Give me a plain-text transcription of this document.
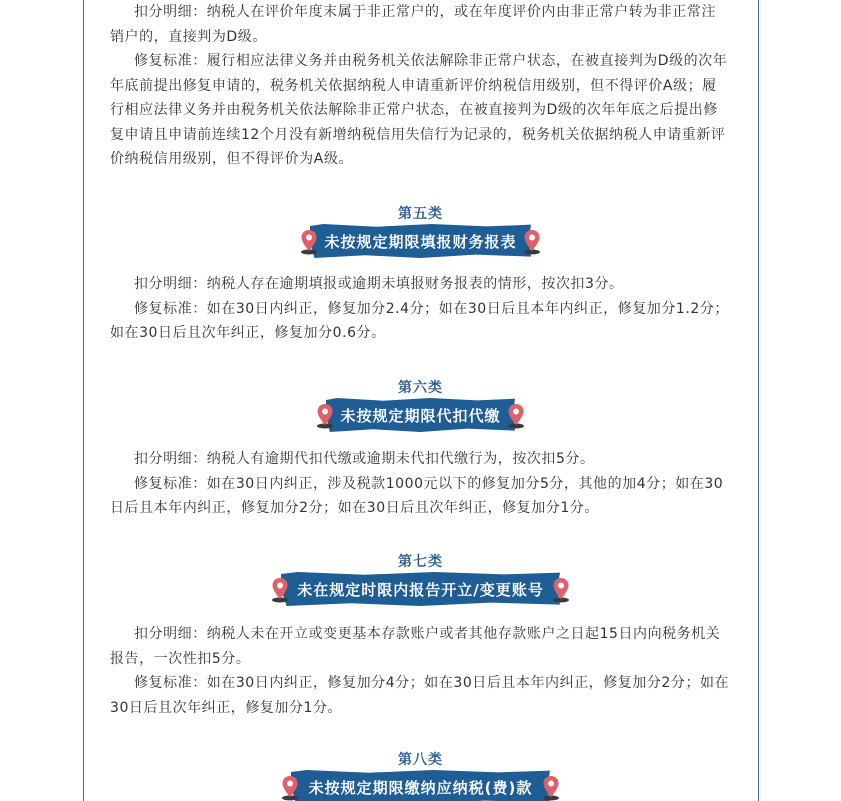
扣分明细：纳税人在评价年度末属于非正常户的，或在年度评价内由非正常户转为非正常注销户的，直接判为D级。

修复标准：履行相应法律义务并由税务机关依法解除非正常户状态，在被直接判为D级的次年年底前提出修复申请的，税务机关依据纳税人申请重新评价纳税信用级别，但不得评价A级；履行相应法律义务并由税务机关依法解除非正常户状态，在被直接判为D级的次年年底之后提出修复申请且申请前连续12个月没有新增纳税信用失信行为记录的，税务机关依据纳税人申请重新评价纳税信用级别，但不得评价为A级。

第五类
未按规定期限填报财务报表

扣分明细：纳税人存在逾期填报或逾期未填报财务报表的情形，按次扣3分。

修复标准：如在30日内纠正，修复加分2.4分；如在30日后且本年内纠正，修复加分1.2分；如在30日后且次年纠正，修复加分0.6分。

第六类
未按规定期限代扣代缴

扣分明细：纳税人有逾期代扣代缴或逾期未代扣代缴行为，按次扣5分。

修复标准：如在30日内纠正，涉及税款1000元以下的修复加分5分，其他的加4分；如在30日后且本年内纠正，修复加分2分；如在30日后且次年纠正，修复加分1分。

第七类
未在规定时限内报告开立/变更账号

扣分明细：纳税人未在开立或变更基本存款账户或者其他存款账户之日起15日内向税务机关报告，一次性扣5分。

修复标准：如在30日内纠正，修复加分4分；如在30日后且本年内纠正，修复加分2分；如在30日后且次年纠正，修复加分1分。

第八类
未按规定期限缴纳应纳税(费)款
